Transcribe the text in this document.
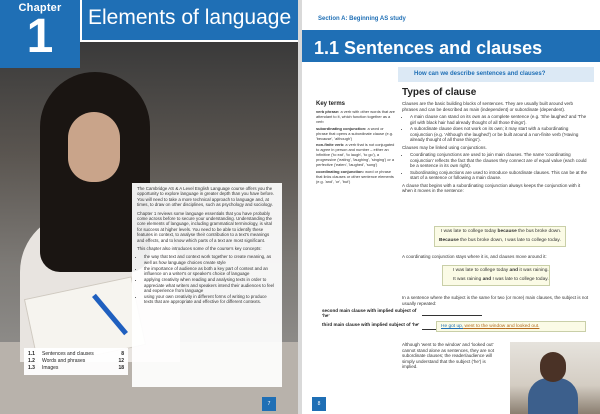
Chapter
1	Elements of language

The Cambridge AS & A Level English Language course offers you the opportunity to explore language in greater depth than you have before. You will need to take a more technical approach to language and, at times, to draw on other disciplines, such as psychology and sociology.

Chapter 1 reviews some language essentials that you have probably come across before to secure your understanding. Understanding the core elements of language, including grammatical terminology, is vital for success at higher levels. You need to be able to identify these features in context, to analyse their contribution to a text's meanings and effects, and to know which parts of a text are most significant.

This chapter also introduces some of the course's key concepts:

• the way that text and context work together to create meaning, as well as how language choices create style
• the importance of audience as both a key part of context and an influence on a writer's or speaker's choice of language
• applying creativity when reading and analysing texts in order to appreciate what writers and speakers intend their audiences to feel and experience from language
• using your own creativity in different forms of writing to produce texts that are appropriate and effective for different contexts.
1.1	Sentences and clauses	8
1.2	Words and phrases	12
1.3	Images	18
7
Section A: Beginning AS study
1.1 Sentences and clauses
How can we describe sentences and clauses?
Key terms

verb phrase: a verb with other words that are attendant to it, which function together as a verb

subordinating conjunction: a word or phrase that opens a subordinate clause (e.g. 'because', 'although')

non-finite verb: a verb that is not conjugated to agree in person and number – either an infinitive ('to eat', 'to laugh', 'to go'), a progressive ('eating', 'laughing', 'singing') or a perfective ('eaten', 'laughed', 'sung')

coordinating conjunction: word or phrase that links clauses or other sentence elements (e.g. 'and', 'or', 'but')

Types of clause

Clauses are the basic building blocks of sentences. They are usually built around verb phrases and can be described as main (independent) or subordinate (dependent).

• A main clause can stand on its own as a complete sentence (e.g. 'She laughed' and 'The girl with black hair had already thought of all those things').
• A subordinate clause does not work on its own; it may start with a subordinating conjunction (e.g. 'Although she laughed') or be built around a non-finite verb ('Having already thought of all those things').

Clauses may be linked using conjunctions.

• Coordinating conjunctions are used to join main clauses. The name 'coordinating conjunction' reflects the fact that the clauses they connect are of equal value (each could be a sentence in its own right).
• Subordinating conjunctions are used to introduce subordinate clauses. This can be at the start of a sentence or following a main clause.

A clause that begins with a subordinating conjunction always keeps the conjunction with it when it moves in the sentence:

I was late to college today because the bus broke down.
Because the bus broke down, I was late to college today.

A coordinating conjunction stays where it is, and clauses move around it:

I was late to college today and it was raining.
It was raining and I was late to college today.

In a sentence where the subject is the same for two (or more) main clauses, the subject is not usually repeated:

second main clause with implied subject of 'he'
third main clause with implied subject of 'he'	He got up, went to the window and looked out.

Although 'went to the window' and 'looked out' cannot stand alone as sentences, they are not subordinate clauses; the reader/audience will simply understand that the subject ('he') is implied.

8
